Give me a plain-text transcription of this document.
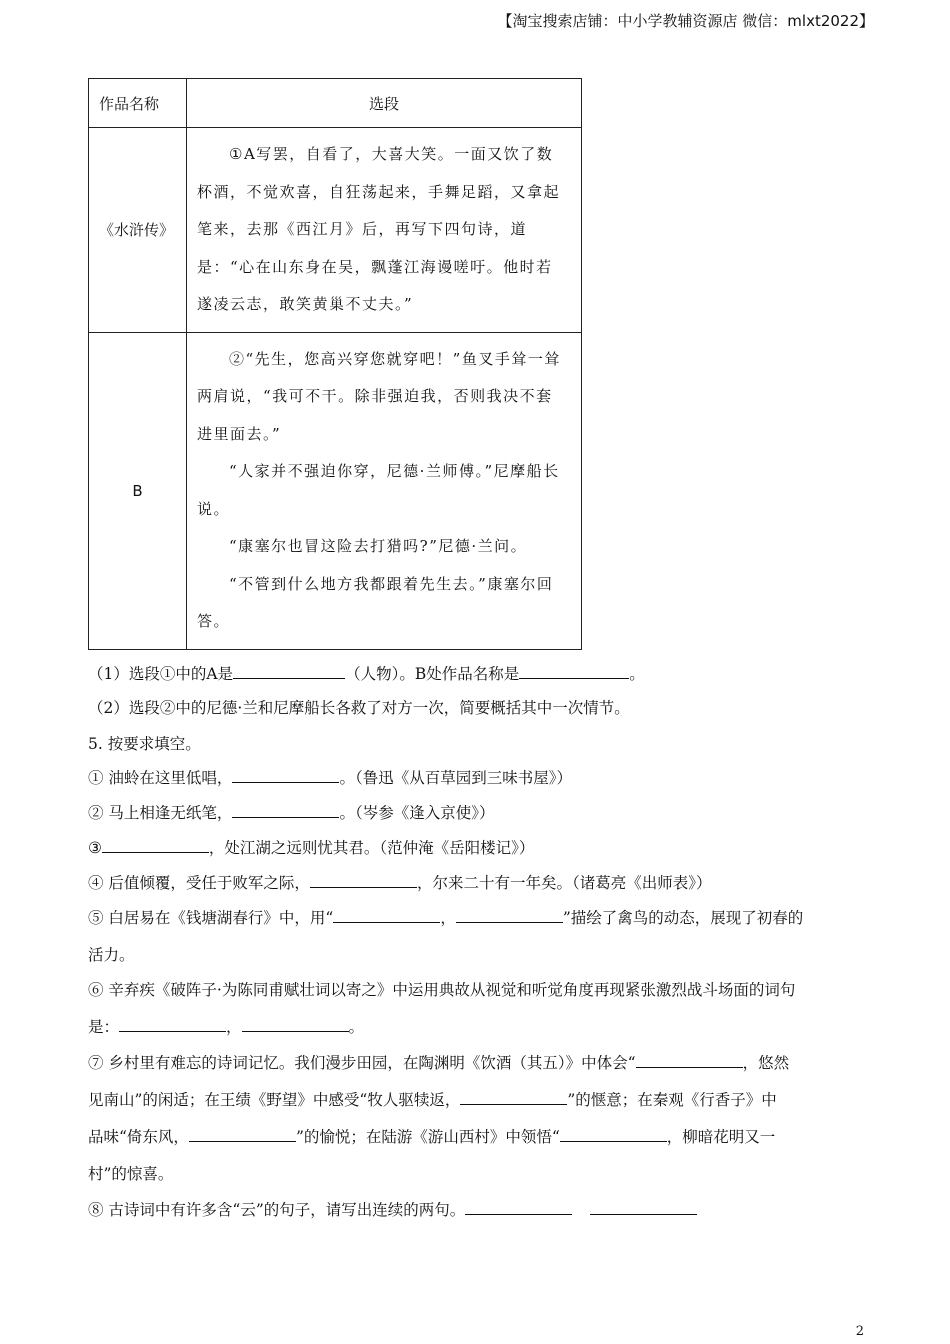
【淘宝搜索店铺：中小学教辅资源店 微信：mlxt2022】
作品名称	选段
《水浒传》	①A写罢，自看了，大喜大笑。一面又饮了数杯酒，不觉欢喜，自狂荡起来，手舞足蹈，又拿起笔来，去那《西江月》后，再写下四句诗，道是：“心在山东身在吴，飘蓬江海谩嗟吁。他时若遂凌云志，敢笑黄巢不丈夫。”

B	②“先生，您高兴穿您就穿吧！”鱼叉手耸一耸两肩说，“我可不干。除非强迫我，否则我决不套进里面去。”

“人家并不强迫你穿，尼德·兰师傅。”尼摩船长说。

“康塞尔也冒这险去打猎吗?”尼德·兰问。

“不管到什么地方我都跟着先生去。”康塞尔回答。

（1）选段①中的A是	（人物）。B处作品名称是	。
（2）选段②中的尼德·兰和尼摩船长各救了对方一次，简要概括其中一次情节。
5. 按要求填空。
① 油蛉在这里低唱，	。（鲁迅《从百草园到三味书屋》）
② 马上相逢无纸笔，	。（岑参《逢入京使》）
③	，处江湖之远则忧其君。（范仲淹《岳阳楼记》）
④ 后值倾覆，受任于败军之际，	，尔来二十有一年矣。（诸葛亮《出师表》）
⑤ 白居易在《钱塘湖春行》中，用“	，	”描绘了禽鸟的动态，展现了初春的
活力。
⑥ 辛弃疾《破阵子·为陈同甫赋壮词以寄之》中运用典故从视觉和听觉角度再现紧张激烈战斗场面的词句
是：	，	。
⑦ 乡村里有难忘的诗词记忆。我们漫步田园，在陶渊明《饮酒（其五）》中体会“	，悠然
见南山”的闲适；在王绩《野望》中感受“牧人驱犊返，	”的惬意；在秦观《行香子》中
品味“倚东风，	”的愉悦；在陆游《游山西村》中领悟“	，柳暗花明又一
村”的惊喜。
⑧ 古诗词中有许多含“云”的句子，请写出连续的两句。
2
